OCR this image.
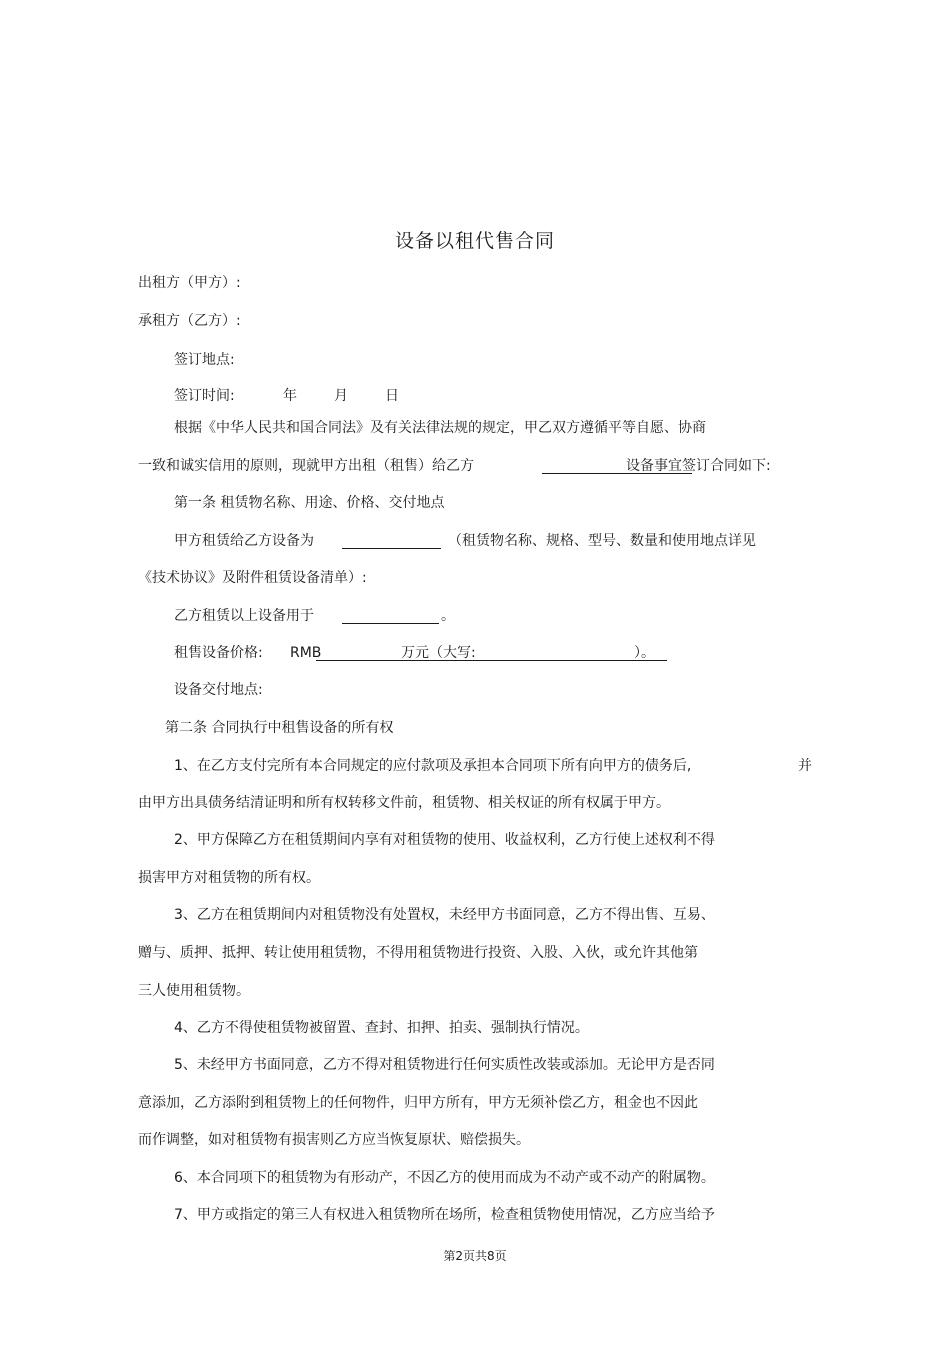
设备以租代售合同
出租方（甲方）:
承租方（乙方）:
签订地点:
签订时间:	年	月	日
根据《中华人民共和国合同法》及有关法律法规的规定，甲乙双方遵循平等自愿、协商
一致和诚实信用的原则，现就甲方出租（租售）给乙方	设备事宜签订合同如下:
第一条 租赁物名称、用途、价格、交付地点
甲方租赁给乙方设备为	（租赁物名称、规格、型号、数量和使用地点详见
《技术协议》及附件租赁设备清单）:
乙方租赁以上设备用于	。
租售设备价格: RMB	万元（大写:	）。
设备交付地点:
第二条 合同执行中租售设备的所有权
1、在乙方支付完所有本合同规定的应付款项及承担本合同项下所有向甲方的债务后,	并
由甲方出具债务结清证明和所有权转移文件前，租赁物、相关权证的所有权属于甲方。
2、甲方保障乙方在租赁期间内享有对租赁物的使用、收益权利，乙方行使上述权利不得
损害甲方对租赁物的所有权。
3、乙方在租赁期间内对租赁物没有处置权，未经甲方书面同意，乙方不得出售、互易、
赠与、质押、抵押、转让使用租赁物，不得用租赁物进行投资、入股、入伙，或允许其他第
三人使用租赁物。
4、乙方不得使租赁物被留置、查封、扣押、拍卖、强制执行情况。
5、未经甲方书面同意，乙方不得对租赁物进行任何实质性改装或添加。无论甲方是否同
意添加，乙方添附到租赁物上的任何物件，归甲方所有，甲方无须补偿乙方，租金也不因此
而作调整，如对租赁物有损害则乙方应当恢复原状、赔偿损失。
6、本合同项下的租赁物为有形动产，不因乙方的使用而成为不动产或不动产的附属物。
7、甲方或指定的第三人有权进入租赁物所在场所，检查租赁物使用情况，乙方应当给予
第2页共8页
